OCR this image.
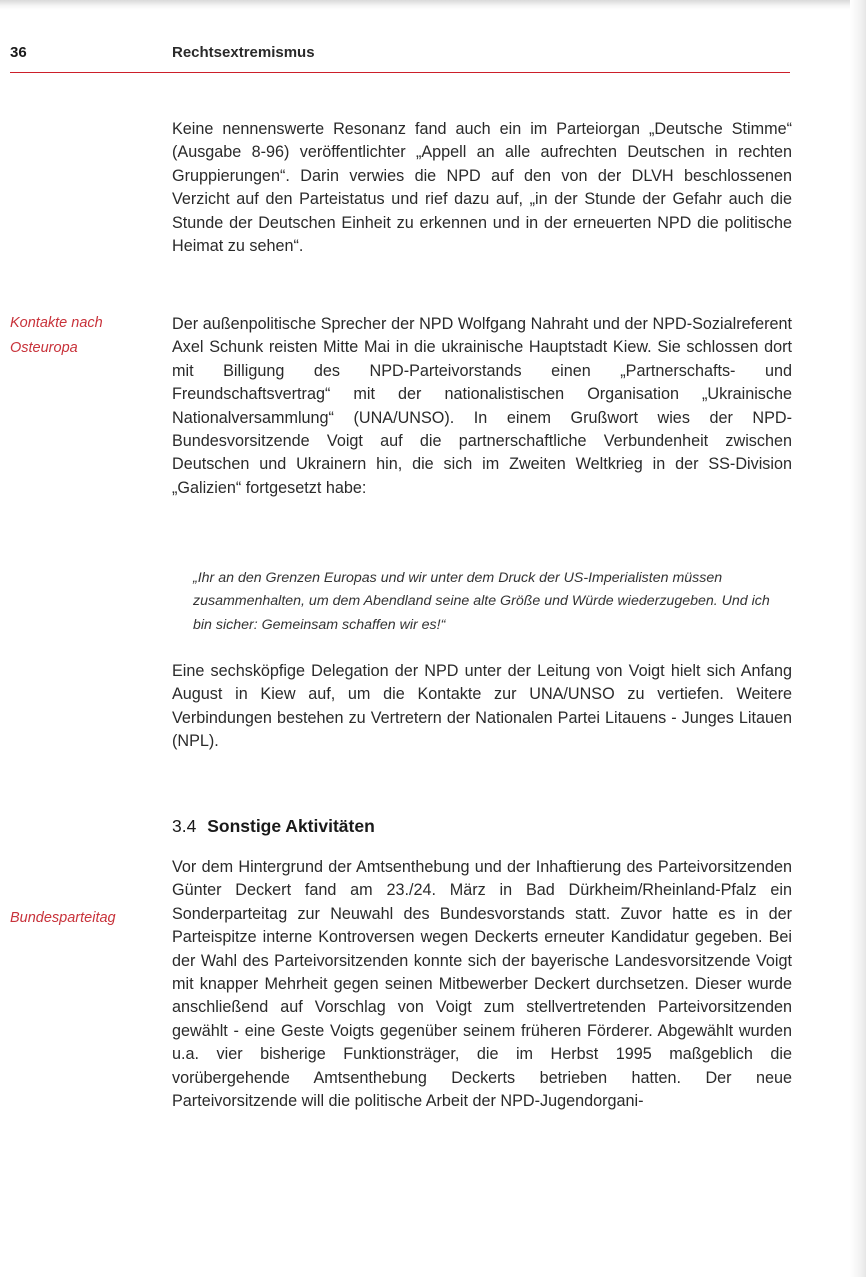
36	Rechtsextremismus
Kontakte nach Osteuropa
Bundesparteitag

Keine nennenswerte Resonanz fand auch ein im Parteiorgan „Deutsche Stimme“ (Ausgabe 8-96) veröffentlichter „Appell an alle aufrechten Deutschen in rechten Gruppierungen“. Darin verwies die NPD auf den von der DLVH beschlossenen Verzicht auf den Parteistatus und rief dazu auf, „in der Stunde der Gefahr auch die Stunde der Deutschen Einheit zu erkennen und in der erneuerten NPD die politische Heimat zu sehen“.

Der außenpolitische Sprecher der NPD Wolfgang Nahraht und der NPD-Sozialreferent Axel Schunk reisten Mitte Mai in die ukrainische Hauptstadt Kiew. Sie schlossen dort mit Billigung des NPD-Parteivorstands einen „Partnerschafts- und Freundschaftsvertrag“ mit der nationalistischen Organisation „Ukrainische Nationalversammlung“ (UNA/UNSO). In einem Grußwort wies der NPD-Bundesvorsitzende Voigt auf die partnerschaftliche Verbundenheit zwischen Deutschen und Ukrainern hin, die sich im Zweiten Weltkrieg in der SS-Division „Galizien“ fortgesetzt habe:

„Ihr an den Grenzen Europas und wir unter dem Druck der US-Imperialisten müssen zusammenhalten, um dem Abendland seine alte Größe und Würde wiederzugeben. Und ich bin sicher: Gemeinsam schaffen wir es!“

Eine sechsköpfige Delegation der NPD unter der Leitung von Voigt hielt sich Anfang August in Kiew auf, um die Kontakte zur UNA/UNSO zu vertiefen. Weitere Verbindungen bestehen zu Vertretern der Nationalen Partei Litauens - Junges Litauen (NPL).

3.4 Sonstige Aktivitäten

Vor dem Hintergrund der Amtsenthebung und der Inhaftierung des Parteivorsitzenden Günter Deckert fand am 23./24. März in Bad Dürkheim/Rheinland-Pfalz ein Sonderparteitag zur Neuwahl des Bundesvorstands statt. Zuvor hatte es in der Parteispitze interne Kontroversen wegen Deckerts erneuter Kandidatur gegeben. Bei der Wahl des Parteivorsitzenden konnte sich der bayerische Landesvorsitzende Voigt mit knapper Mehrheit gegen seinen Mitbewerber Deckert durchsetzen. Dieser wurde anschließend auf Vorschlag von Voigt zum stellvertretenden Parteivorsitzenden gewählt - eine Geste Voigts gegenüber seinem früheren Förderer. Abgewählt wurden u.a. vier bisherige Funktionsträger, die im Herbst 1995 maßgeblich die vorübergehende Amtsenthebung Deckerts betrieben hatten. Der neue Parteivorsitzende will die politische Arbeit der NPD-Jugendorgani-
